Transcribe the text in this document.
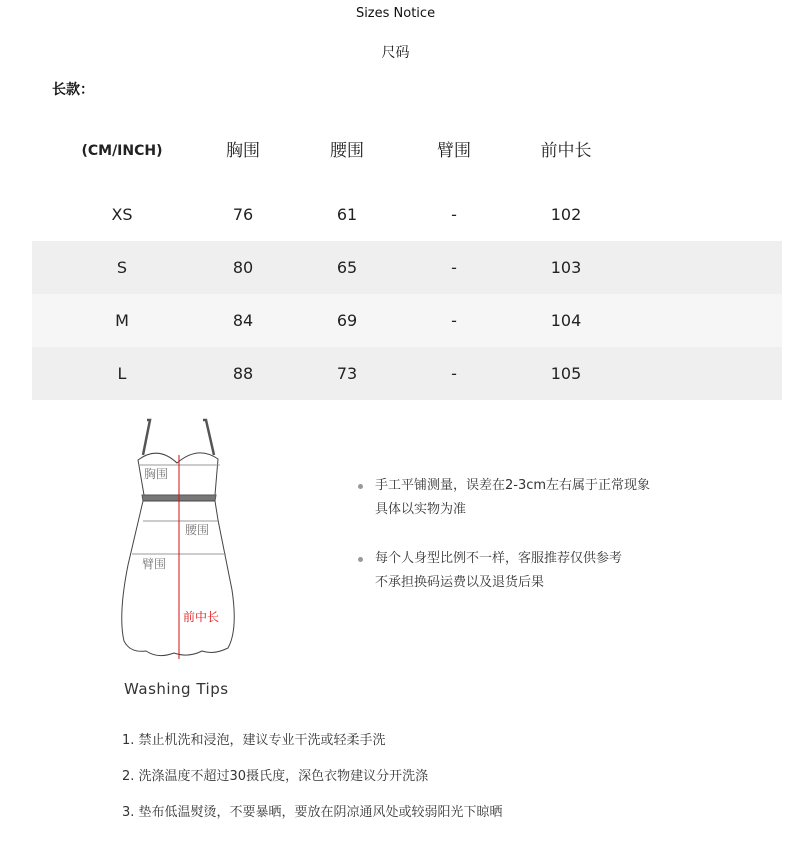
Sizes Notice
尺码
长款：
(CM/INCH)	胸围	腰围	臂围	前中长
XS	76	61	-	102
S	80	65	-	103
M	84	69	-	104
L	88	73	-	105
胸围
腰围
臂围
前中长
手工平铺测量，误差在2-3cm左右属于正常现象
具体以实物为准
每个人身型比例不一样，客服推荐仅供参考
不承担换码运费以及退货后果
Washing Tips
1. 禁止机洗和浸泡，建议专业干洗或轻柔手洗
2. 洗涤温度不超过30摄氏度，深色衣物建议分开洗涤
3. 垫布低温熨烫，不要暴晒，要放在阴凉通风处或较弱阳光下晾晒
